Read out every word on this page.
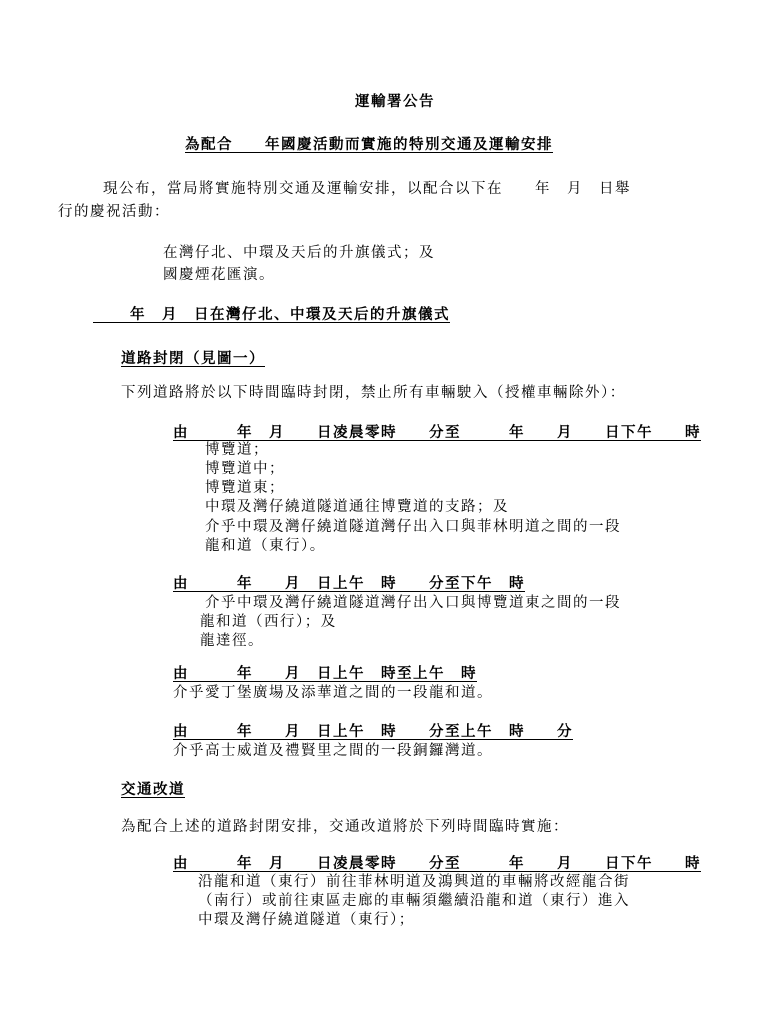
運輸署公告
為配合　　年國慶活動而實施的特別交通及運輸安排
現公布，當局將實施特別交通及運輸安排，以配合以下在　　年　月　日舉
行的慶祝活動：
在灣仔北、中環及天后的升旗儀式；及
國慶煙花匯演。
年　月　日在灣仔北、中環及天后的升旗儀式
道路封閉（見圖一）
下列道路將於以下時間臨時封閉，禁止所有車輛駛入（授權車輛除外）：
由　　　年　月　　日凌晨零時　　分至　　　年　　月　　日下午　　時
博覽道；
博覽道中；
博覽道東；
中環及灣仔繞道隧道通往博覽道的支路；及
介乎中環及灣仔繞道隧道灣仔出入口與菲林明道之間的一段
龍和道（東行）。
由　　　年　　月　日上午　時　　分至下午　時
介乎中環及灣仔繞道隧道灣仔出入口與博覽道東之間的一段
龍和道（西行）；及
龍達徑。
由　　　年　　月　日上午　時至上午　時
介乎愛丁堡廣場及添華道之間的一段龍和道。
由　　　年　　月　日上午　時　　分至上午　時　　分
介乎高士威道及禮賢里之間的一段銅鑼灣道。
交通改道
為配合上述的道路封閉安排，交通改道將於下列時間臨時實施：
由　　　年　月　　日凌晨零時　　分至　　　年　　月　　日下午　　時
沿龍和道（東行）前往菲林明道及鴻興道的車輛將改經龍合街
（南行）或前往東區走廊的車輛須繼續沿龍和道（東行）進入
中環及灣仔繞道隧道（東行）；
